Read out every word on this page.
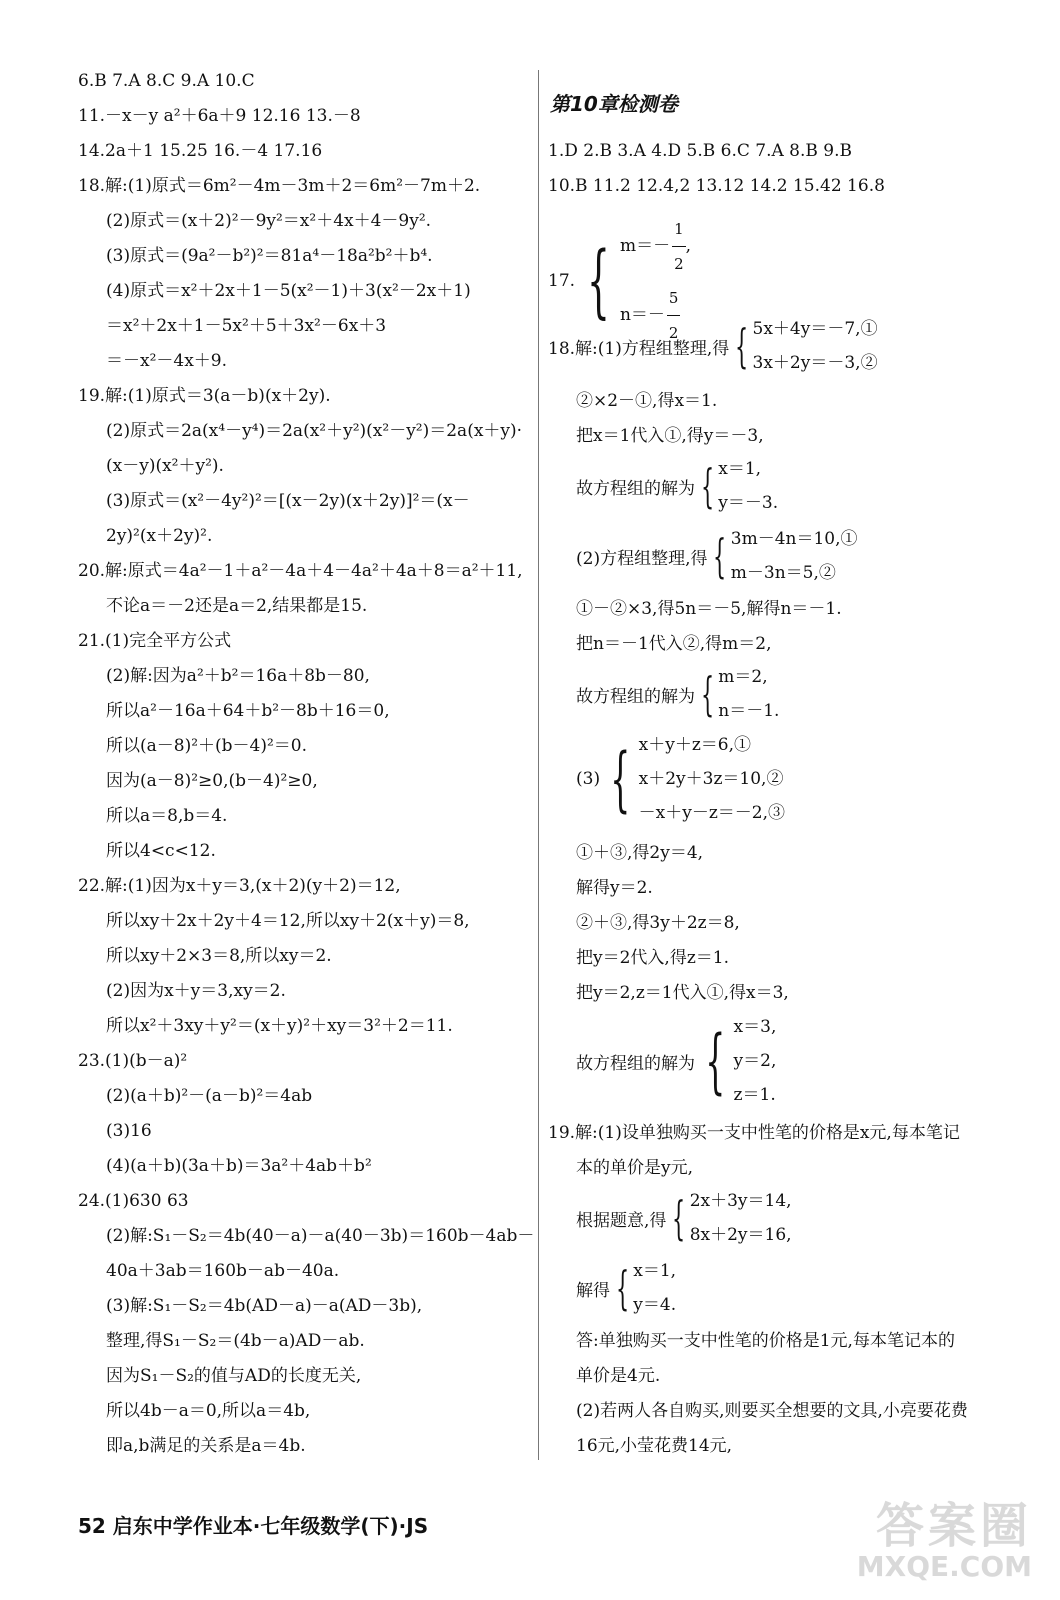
6.B 7.A 8.C 9.A 10.C
11.－x－y a²＋6a＋9 12.16 13.－8
14.2a＋1 15.25 16.－4 17.16
18.解:(1)原式＝6m²－4m－3m＋2＝6m²－7m＋2.
(2)原式＝(x＋2)²－9y²＝x²＋4x＋4－9y².
(3)原式＝(9a²－b²)²＝81a⁴－18a²b²＋b⁴.
(4)原式＝x²＋2x＋1－5(x²－1)＋3(x²－2x＋1)
＝x²＋2x＋1－5x²＋5＋3x²－6x＋3
＝－x²－4x＋9.
19.解:(1)原式＝3(a－b)(x＋2y).
(2)原式＝2a(x⁴－y⁴)＝2a(x²＋y²)(x²－y²)＝2a(x＋y)·
(x－y)(x²＋y²).
(3)原式＝(x²－4y²)²＝[(x－2y)(x＋2y)]²＝(x－
2y)²(x＋2y)².
20.解:原式＝4a²－1＋a²－4a＋4－4a²＋4a＋8＝a²＋11,
不论a＝－2还是a＝2,结果都是15.
21.(1)完全平方公式
(2)解:因为a²＋b²＝16a＋8b－80,
所以a²－16a＋64＋b²－8b＋16＝0,
所以(a－8)²＋(b－4)²＝0.
因为(a－8)²≥0,(b－4)²≥0,
所以a＝8,b＝4.
所以4<c<12.
22.解:(1)因为x＋y＝3,(x＋2)(y＋2)＝12,
所以xy＋2x＋2y＋4＝12,所以xy＋2(x＋y)＝8,
所以xy＋2×3＝8,所以xy＝2.
(2)因为x＋y＝3,xy＝2.
所以x²＋3xy＋y²＝(x＋y)²＋xy＝3²＋2＝11.
23.(1)(b－a)²
(2)(a＋b)²－(a－b)²＝4ab
(3)16
(4)(a＋b)(3a＋b)＝3a²＋4ab＋b²
24.(1)630 63
(2)解:S₁－S₂＝4b(40－a)－a(40－3b)＝160b－4ab－
40a＋3ab＝160b－ab－40a.
(3)解:S₁－S₂＝4b(AD－a)－a(AD－3b),
整理,得S₁－S₂＝(4b－a)AD－ab.
因为S₁－S₂的值与AD的长度无关,
所以4b－a＝0,所以a＝4b,
即a,b满足的关系是a＝4b.
第10章检测卷
1.D 2.B 3.A 4.D 5.B 6.C 7.A 8.B 9.B
10.B 11.2 12.4,2 13.12 14.2 15.42 16.8
17. { $m=- \frac{1}{2}$ ,
$n=- \frac{5}{2}$
18.解:(1)方程组整理,得 { 5x＋4y＝－7,①
3x＋2y＝－3,②
②×2－①,得x＝1.
把x＝1代入①,得y＝－3,
故方程组的解为 { x＝1,
y＝－3.
(2)方程组整理,得 { 3m－4n＝10,①
m－3n＝5,②
①－②×3,得5n＝－5,解得n＝－1.
把n＝－1代入②,得m＝2,
故方程组的解为 { m＝2,
n＝－1.
(3) { x＋y＋z＝6,①
x＋2y＋3z＝10,②
－x＋y－z＝－2,③
①＋③,得2y＝4,
解得y＝2.
②＋③,得3y＋2z＝8,
把y＝2代入,得z＝1.
把y＝2,z＝1代入①,得x＝3,
故方程组的解为 { x＝3,
y＝2,
z＝1.
19.解:(1)设单独购买一支中性笔的价格是x元,每本笔记
本的单价是y元,
根据题意,得 { 2x＋3y＝14,
8x＋2y＝16,
解得 { x＝1,
y＝4.
答:单独购买一支中性笔的价格是1元,每本笔记本的
单价是4元.
(2)若两人各自购买,则要买全想要的文具,小亮要花费
16元,小莹花费14元,
52 启东中学作业本·七年级数学(下)·JS	答案圈
MXQE.COM
